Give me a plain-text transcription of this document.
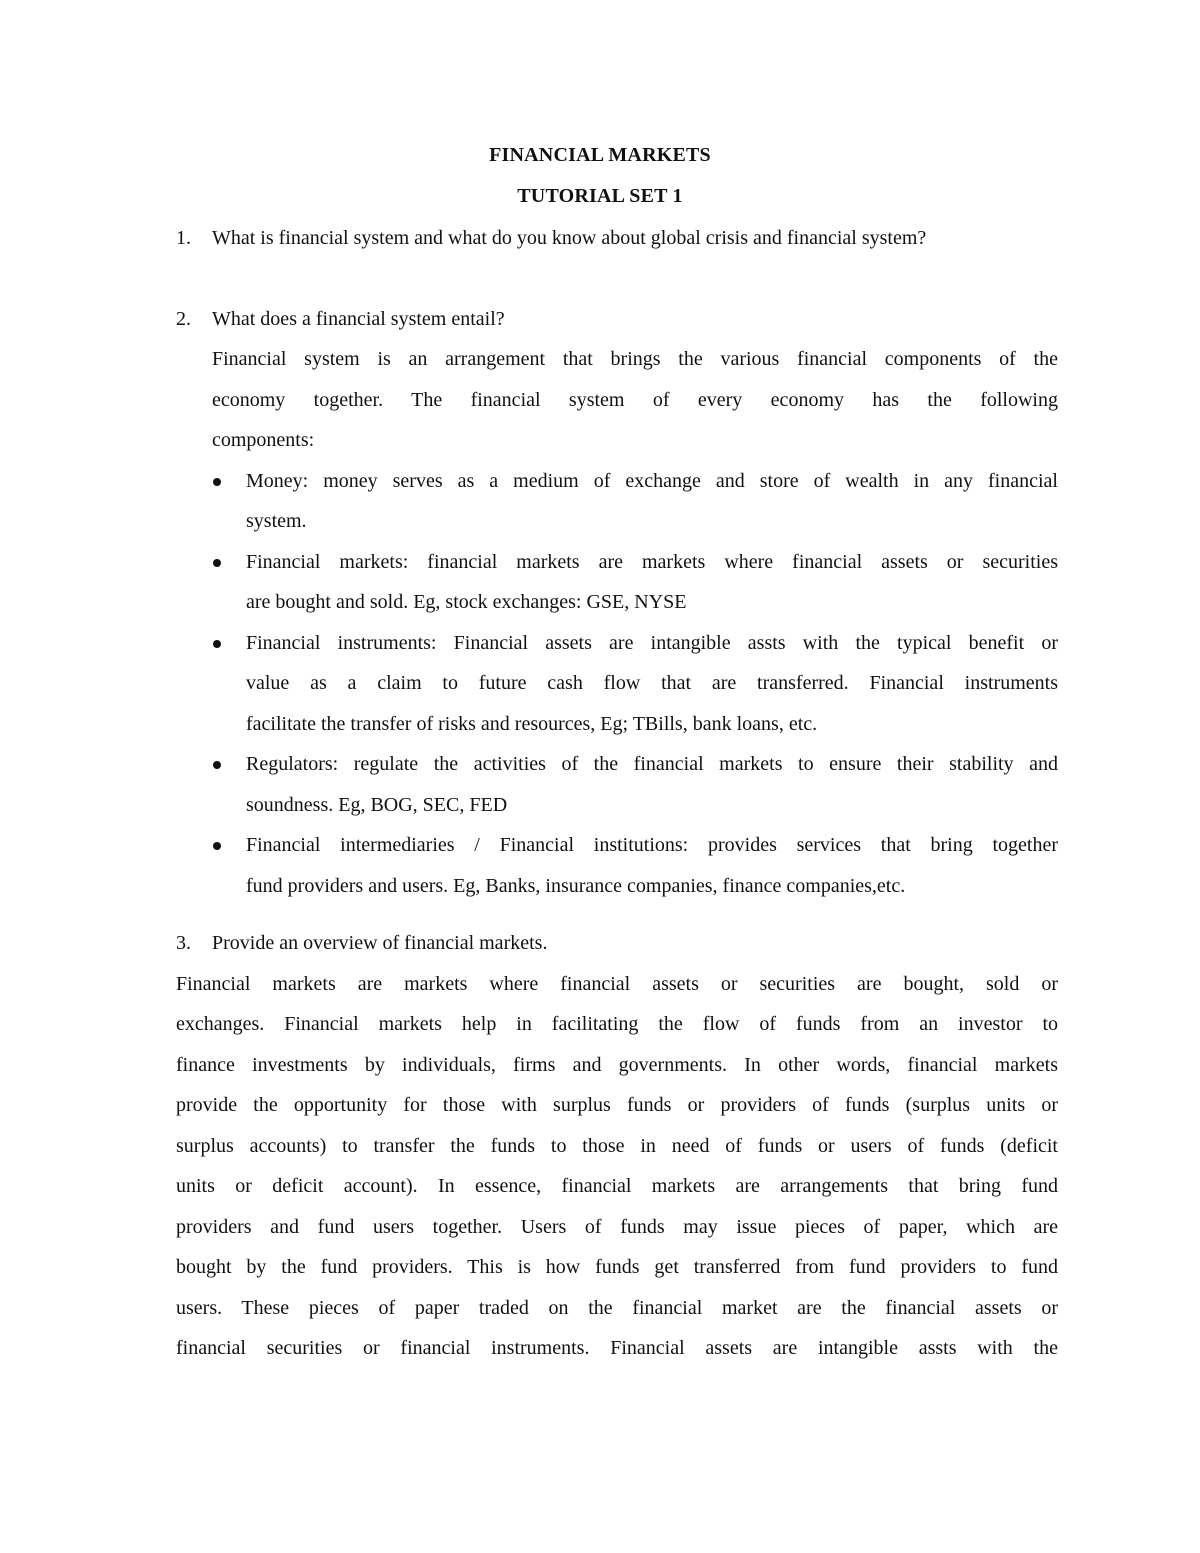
FINANCIAL MARKETS
TUTORIAL SET 1
1. What is financial system and what do you know about global crisis and financial system?
2. What does a financial system entail?
Financial system is an arrangement that brings the various financial components of the
economy together. The financial system of every economy has the following
components:
Money: money serves as a medium of exchange and store of wealth in any financial
system.
Financial markets: financial markets are markets where financial assets or securities
are bought and sold. Eg, stock exchanges: GSE, NYSE
Financial instruments: Financial assets are intangible assts with the typical benefit or
value as a claim to future cash flow that are transferred. Financial instruments
facilitate the transfer of risks and resources, Eg; TBills, bank loans, etc.
Regulators: regulate the activities of the financial markets to ensure their stability and
soundness. Eg, BOG, SEC, FED
Financial intermediaries / Financial institutions: provides services that bring together
fund providers and users. Eg, Banks, insurance companies, finance companies,etc.
3. Provide an overview of financial markets.
Financial markets are markets where financial assets or securities are bought, sold or
exchanges. Financial markets help in facilitating the flow of funds from an investor to
finance investments by individuals, firms and governments. In other words, financial markets
provide the opportunity for those with surplus funds or providers of funds (surplus units or
surplus accounts) to transfer the funds to those in need of funds or users of funds (deficit
units or deficit account). In essence, financial markets are arrangements that bring fund
providers and fund users together. Users of funds may issue pieces of paper, which are
bought by the fund providers. This is how funds get transferred from fund providers to fund
users. These pieces of paper traded on the financial market are the financial assets or
financial securities or financial instruments. Financial assets are intangible assts with the
